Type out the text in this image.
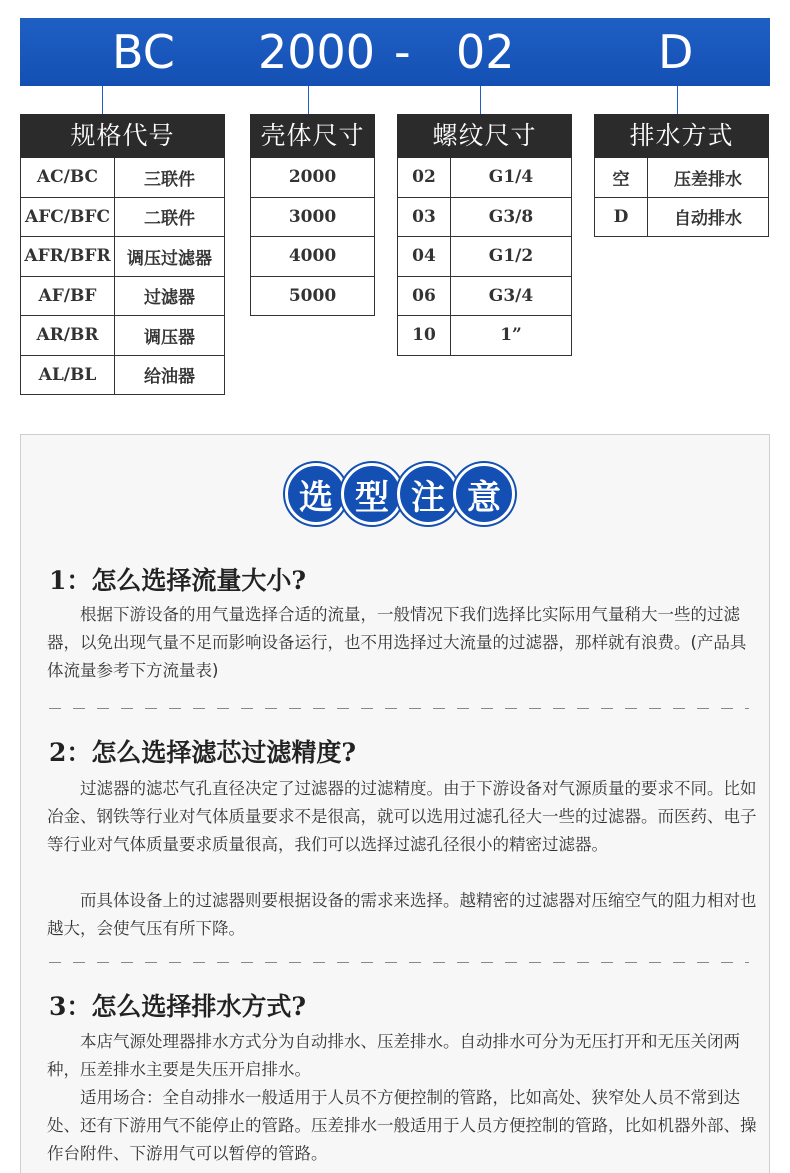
BC 2000 - 02	D
规格代号
AC/BC	三联件
AFC/BFC	二联件
AFR/BFR 调压过滤器
AF/BF	过滤器
AR/BR	调压器
AL/BL	给油器
壳体尺寸
2000
3000
4000
5000
螺纹尺寸
02	G1/4
03	G3/8
04	G1/2
06	G3/4
10	1”
排水方式
空	压差排水
D	自动排水
选 型 注 意
1：怎么选择流量大小?
　　根据下游设备的用气量选择合适的流量，一般情况下我们选择比实际用气量稍大一些的过滤器，以免出现气量不足而影响设备运行，也不用选择过大流量的过滤器，那样就有浪费。(产品具体流量参考下方流量表)
2：怎么选择滤芯过滤精度?
　　过滤器的滤芯气孔直径决定了过滤器的过滤精度。由于下游设备对气源质量的要求不同。比如冶金、钢铁等行业对气体质量要求不是很高，就可以选用过滤孔径大一些的过滤器。而医药、电子等行业对气体质量要求质量很高，我们可以选择过滤孔径很小的精密过滤器。
　　而具体设备上的过滤器则要根据设备的需求来选择。越精密的过滤器对压缩空气的阻力相对也越大，会使气压有所下降。
3：怎么选择排水方式?
　　本店气源处理器排水方式分为自动排水、压差排水。自动排水可分为无压打开和无压关闭两种，压差排水主要是失压开启排水。
　　适用场合：全自动排水一般适用于人员不方便控制的管路，比如高处、狭窄处人员不常到达处、还有下游用气不能停止的管路。压差排水一般适用于人员方便控制的管路，比如机器外部、操作台附件、下游用气可以暂停的管路。
